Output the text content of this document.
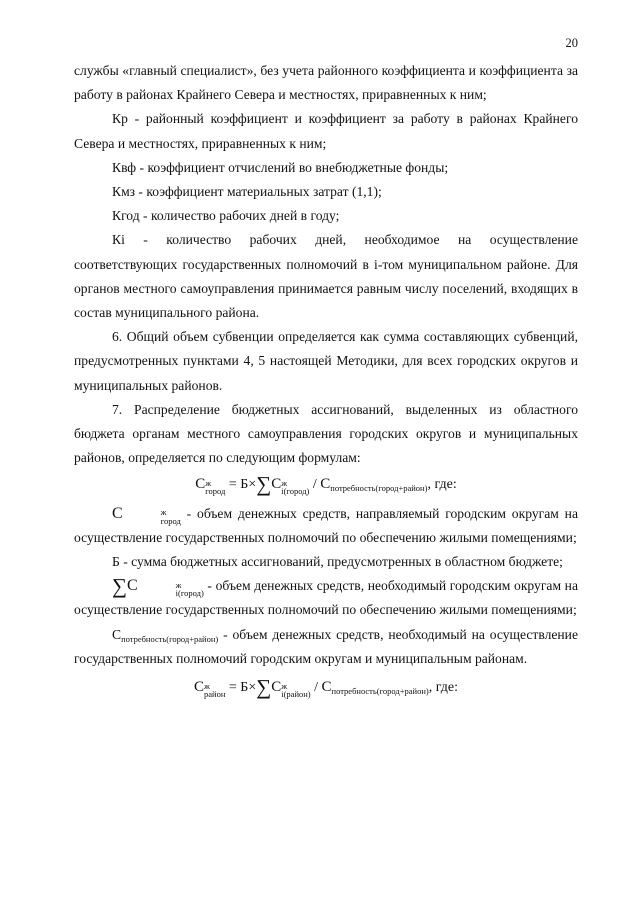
20

службы «главный специалист», без учета районного коэффициента и коэффициента за работу в районах Крайнего Севера и местностях, приравненных к ним;

Кр - районный коэффициент и коэффициент за работу в районах Крайнего Севера и местностях, приравненных к ним;

Квф - коэффициент отчислений во внебюджетные фонды;

Кмз - коэффициент материальных затрат (1,1);

Кгод - количество рабочих дней в году;

Кi - количество рабочих дней, необходимое на осуществление соответствующих государственных полномочий в i-том муниципальном районе. Для органов местного самоуправления принимается равным числу поселений, входящих в состав муниципального района.

6. Общий объем субвенции определяется как сумма составляющих субвенций, предусмотренных пунктами 4, 5 настоящей Методики, для всех городских округов и муниципальных районов.

7. Распределение бюджетных ассигнований, выделенных из областного бюджета органам местного самоуправления городских округов и муниципальных районов, определяется по следующим формулам:

C ж
город = Б×∑C ж
i(город) / $C_{потребность(город+район)}$, где:

C	ж
город - объем денежных средств, направляемый городским округам на осуществление государственных полномочий по обеспечению жилыми помещениями;

Б - сумма бюджетных ассигнований, предусмотренных в областном бюджете;

∑C	ж
i(город) - объем денежных средств, необходимый городским округам на осуществление государственных полномочий по обеспечению жилыми помещениями;

$C_{потребность(город+район)}$ - объем денежных средств, необходимый на осуществление государственных полномочий городским округам и муниципальным районам.

C ж
район = Б×∑C ж
i(район) / $C_{потребность(город+район)}$, где:
